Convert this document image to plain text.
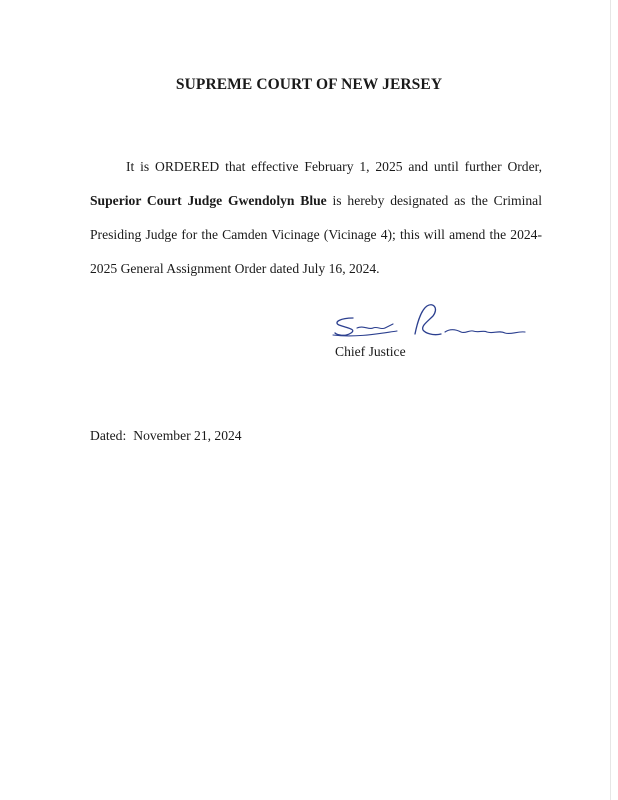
SUPREME COURT OF NEW JERSEY

It is ORDERED that effective February 1, 2025 and until further Order, Superior Court Judge Gwendolyn Blue is hereby designated as the Criminal Presiding Judge for the Camden Vicinage (Vicinage 4); this will amend the 2024-2025 General Assignment Order dated July 16, 2024.

Chief Justice
Dated: November 21, 2024
